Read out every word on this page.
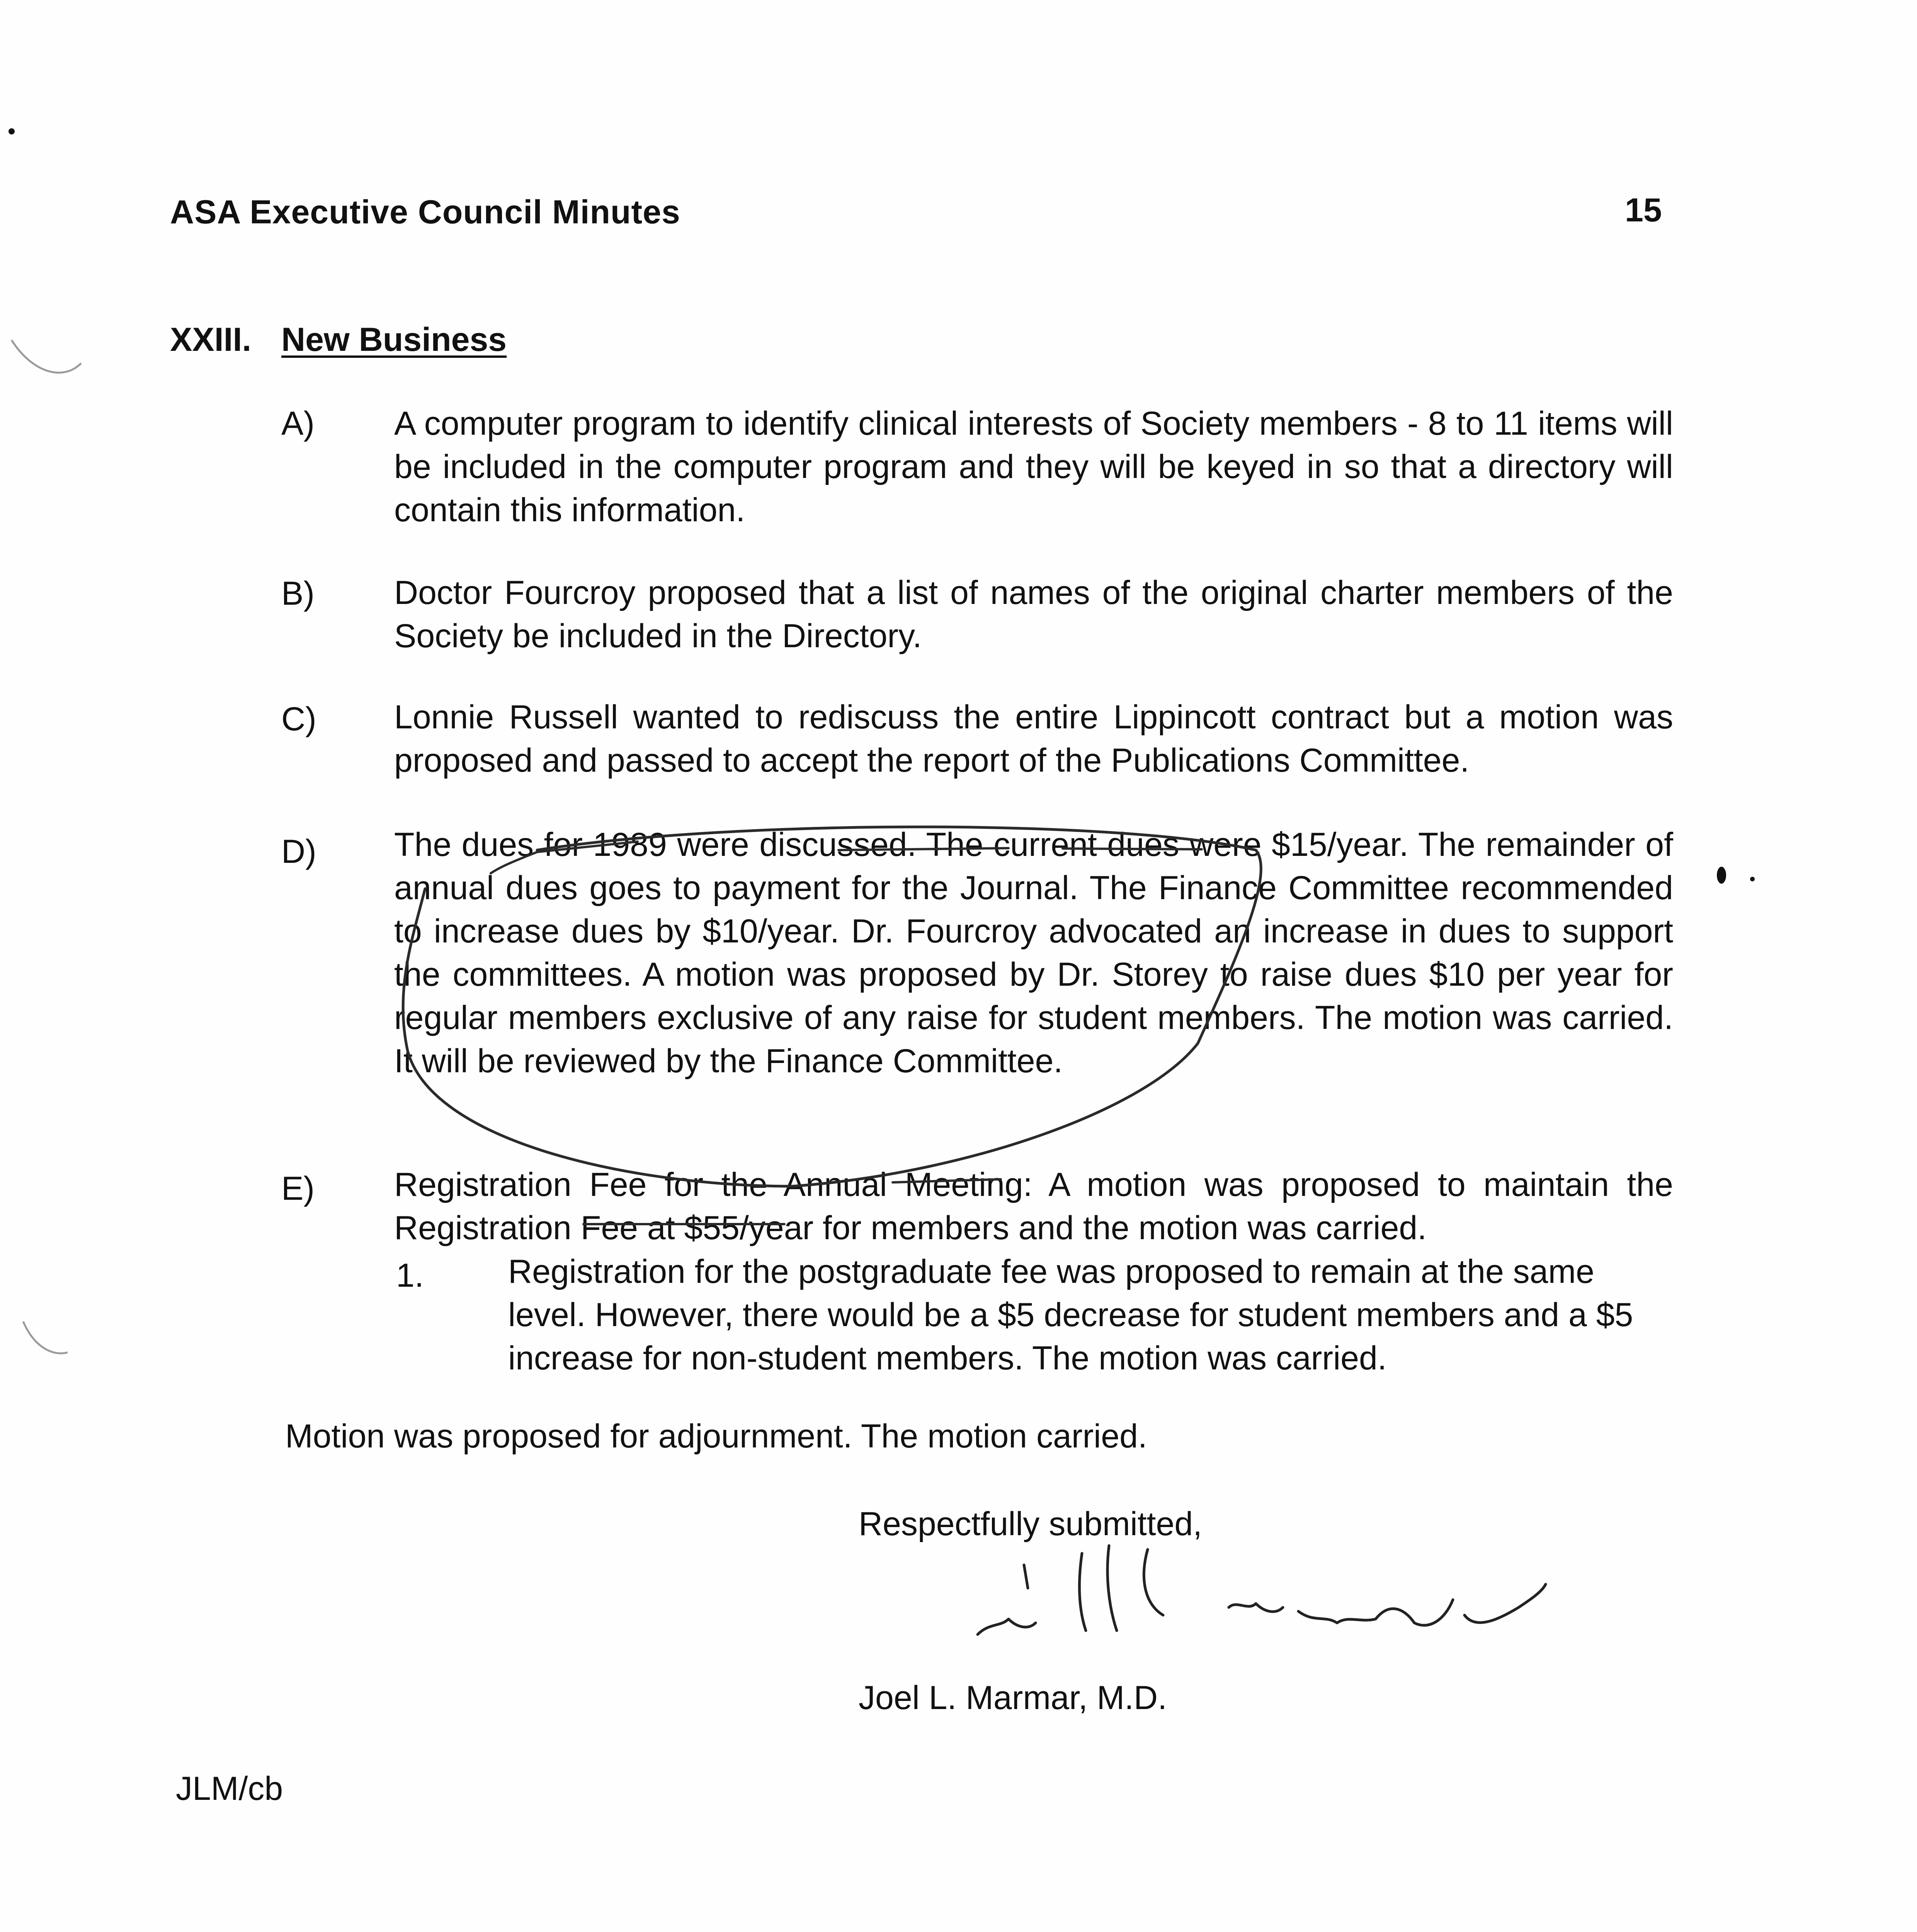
ASA Executive Council Minutes	15
XXIII. New Business
A) A computer program to identify clinical interests of Society members - 8 to 11 items will be included in the computer program and they will be keyed in so that a directory will contain this information.
B) Doctor Fourcroy proposed that a list of names of the original charter members of the Society be included in the Directory.
C) Lonnie Russell wanted to rediscuss the entire Lippincott contract but a motion was proposed and passed to accept the report of the Publications Committee.
D) The dues for 1989 were discussed. The current dues were $15/year. The remainder of annual dues goes to payment for the Journal. The Finance Committee recommended to increase dues by $10/year. Dr. Fourcroy advocated an increase in dues to support the committees. A motion was proposed by Dr. Storey to raise dues $10 per year for regular members exclusive of any raise for student members. The motion was carried. It will be reviewed by the Finance Committee.
E) Registration Fee for the Annual Meeting: A motion was proposed to maintain the Registration Fee at $55/year for members and the motion was carried.
1.	Registration for the postgraduate fee was proposed to remain at the same level. However, there would be a $5 decrease for student members and a $5 increase for non-student members. The motion was carried.
Motion was proposed for adjournment. The motion carried.
Respectfully submitted,
Joel L. Marmar, M.D.
JLM/cb
